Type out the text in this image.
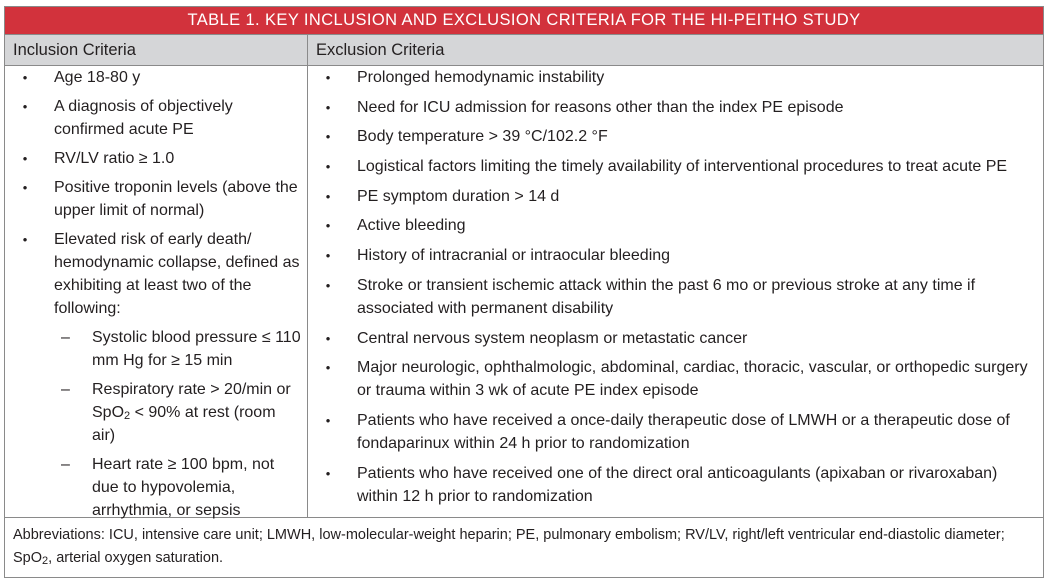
TABLE 1. KEY INCLUSION AND EXCLUSION CRITERIA FOR THE HI-PEITHO STUDY
Inclusion Criteria	Exclusion Criteria
• Age 18-80 y
• A diagnosis of objectively confirmed acute PE
• RV/LV ratio ≥ 1.0
• Positive troponin levels (above the upper limit of normal)
• Elevated risk of early death/ hemodynamic collapse, defined as exhibiting at least two of the following:
– Systolic blood pressure ≤ 110 mm Hg for ≥ 15 min
– Respiratory rate > 20/min or SpO$_2$ < 90% at rest (room air)
– Heart rate ≥ 100 bpm, not due to hypovolemia, arrhythmia, or sepsis
• Prolonged hemodynamic instability
• Need for ICU admission for reasons other than the index PE episode
• Body temperature > 39 °C/102.2 °F
• Logistical factors limiting the timely availability of interventional procedures to treat acute PE
• PE symptom duration > 14 d
• Active bleeding
• History of intracranial or intraocular bleeding
• Stroke or transient ischemic attack within the past 6 mo or previous stroke at any time if associated with permanent disability
• Central nervous system neoplasm or metastatic cancer
• Major neurologic, ophthalmologic, abdominal, cardiac, thoracic, vascular, or orthopedic surgery or trauma within 3 wk of acute PE index episode
• Patients who have received a once-daily therapeutic dose of LMWH or a therapeutic dose of fondaparinux within 24 h prior to randomization
• Patients who have received one of the direct oral anticoagulants (apixaban or rivaroxaban) within 12 h prior to randomization
Abbreviations: ICU, intensive care unit; LMWH, low-molecular-weight heparin; PE, pulmonary embolism; RV/LV, right/left ventricular end-diastolic diameter; SpO$_2$, arterial oxygen saturation.
